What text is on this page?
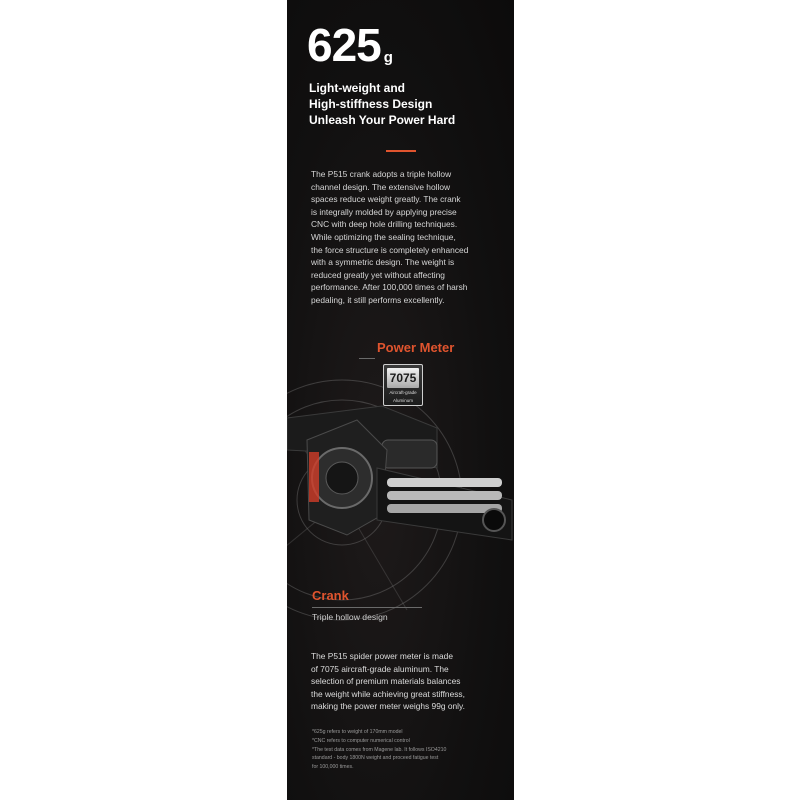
625 g
Light-weight and
High-stiffness Design
Unleash Your Power Hard
The P515 crank adopts a triple hollow
channel design. The extensive hollow
spaces reduce weight greatly. The crank
is integrally molded by applying precise
CNC with deep hole drilling techniques.
While optimizing the sealing technique,
the force structure is completely enhanced
with a symmetric design. The weight is
reduced greatly yet without affecting
performance. After 100,000 times of harsh
pedaling, it still performs excellently.
Power Meter
7075
Aircraft-grade
Aluminum
Crank
Triple hollow design
The P515 spider power meter is made
of 7075 aircraft-grade aluminum. The
selection of premium materials balances
the weight while achieving great stiffness,
making the power meter weighs 99g only.
*625g refers to weight of 170mm model
*CNC refers to computer numerical control
*The test data comes from Magene lab. It follows ISO4210
standard - body 1800N weight and proceed fatigue test
for 100,000 times.
